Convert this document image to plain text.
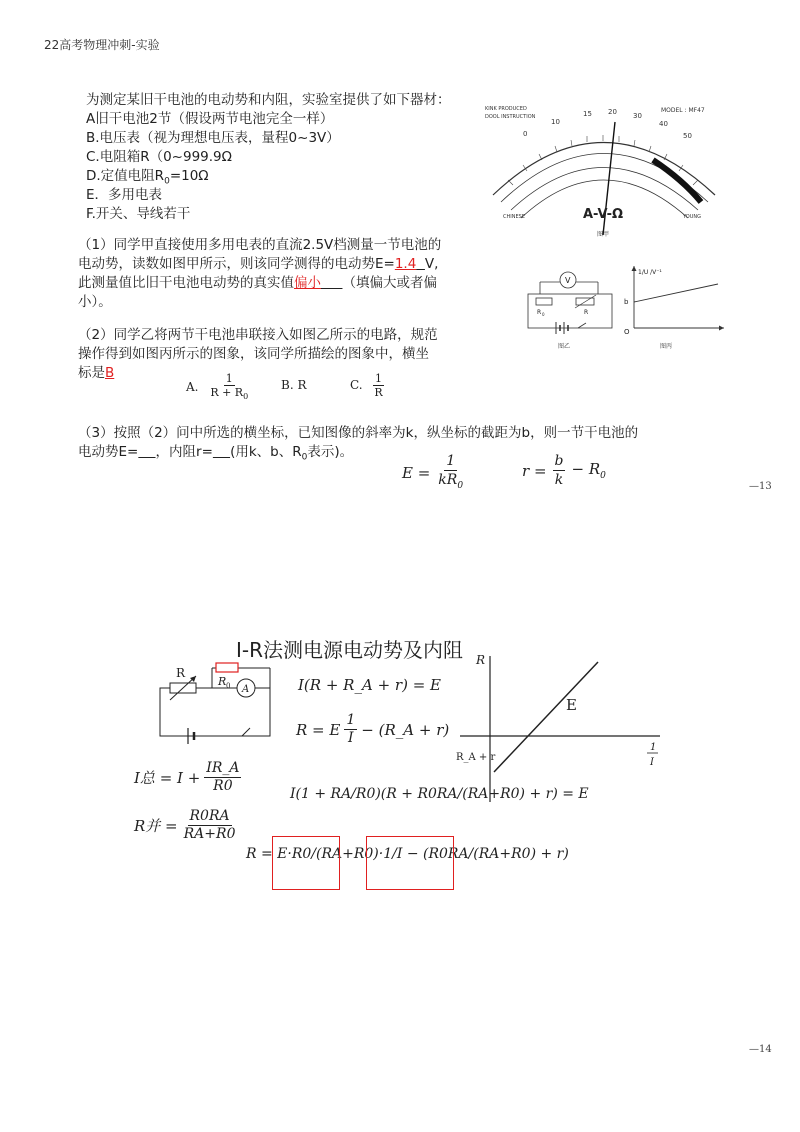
22高考物理冲刺-实验
为测定某旧干电池的电动势和内阻，实验室提供了如下器材：
A旧干电池2节（假设两节电池完全一样）
B.电压表（视为理想电压表，量程0~3V）
C.电阻箱R（0~999.9Ω
D.定值电阻$R_0=10\Omega$
E．多用电表
F.开关、导线若干
（1）同学甲直接使用多用电表的直流2.5V档测量一节电池的
电动势，读数如图甲所示，则该同学测得的电动势E=1.4 V,
此测量值比旧干电池电动势的真实值偏小 （填偏大或者偏
小）。
（2）同学乙将两节干电池串联接入如图乙所示的电路，规范
操作得到如图丙所示的图象，该同学所描绘的图象中，横坐
标是B
A. $\frac{1}{R + R_0}$	B. R	C. $\frac{1}{R}$
（3）按照（2）问中所选的横坐标，已知图像的斜率为k，纵坐标的截距为b，则一节干电池的
电动势E= ，内阻r= (用k、b、$R_0$表示)。
$E = \frac{1}{kR_0}$	$r = \frac{b}{k} - R_0$
—13
KINK PRODUCED
DOOL INSTRUCTION
MODEL : MF47
0
10
15 20 30
40
50
A-V-Ω
CHINESE	YOUNG
图甲
V
R 0	R
图乙
1/U /V⁻¹
b
O
图丙
I-R法测电源电动势及内阻
R 0
R
A	I(R + R_A + r) = E
R = E $\frac{1}{I}$ − (R_A + r)
I总 = $I + \frac{IR\_A}{R0}$
R并 = $\frac{R0RA}{RA+R0}$
I(1 + RA/R0)(R + R0RA/(RA+R0) + r) = E
R = E·R0/(RA+R0)·1/I − (R0RA/(RA+R0) + r)
R
E
R_A + r
1
I
—14
